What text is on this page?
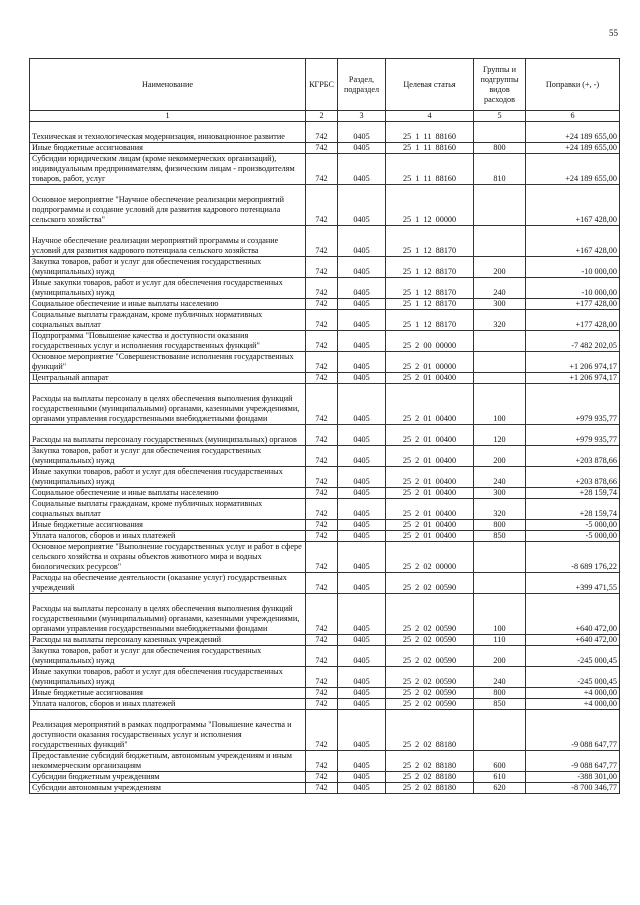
55
Наименование	КГРБС	Раздел, подраздел	Целевая статья	Группы и подгруппы видов расходов	Поправки (+, -)
1	2	3	4	5	6
Техническая и технологическая модернизация, инновационное развитие	742	0405	25  1  11  88160		+24 189 655,00
Иные бюджетные ассигнования	742	0405	25  1  11  88160	800	+24 189 655,00
Субсидии юридическим лицам (кроме некоммерческих организаций), индивидуальным предпринимателям, физическим лицам - производителям товаров, работ, услуг	742	0405	25  1  11  88160	810	+24 189 655,00
Основное мероприятие "Научное обеспечение реализации мероприятий подпрограммы и создание условий для развития кадрового потенциала сельского хозяйства"	742	0405	25  1  12  00000		+167 428,00
Научное обеспечение реализации мероприятий программы и создание условий для развития кадрового потенциала сельского хозяйства	742	0405	25  1  12  88170		+167 428,00
Закупка товаров, работ и услуг для обеспечения государственных (муниципальных) нужд	742	0405	25  1  12  88170	200	-10 000,00
Иные закупки товаров, работ и услуг для обеспечения государственных (муниципальных) нужд	742	0405	25  1  12  88170	240	-10 000,00
Социальное обеспечение и иные выплаты населению	742	0405	25  1  12  88170	300	+177 428,00
Социальные выплаты гражданам, кроме публичных нормативных социальных выплат	742	0405	25  1  12  88170	320	+177 428,00
Подпрограмма "Повышение качества и доступности оказания государственных услуг и исполнения государственных функций"	742	0405	25  2  00  00000		-7 482 202,05
Основное мероприятие "Совершенствование исполнения государственных функций"	742	0405	25  2  01  00000		+1 206 974,17
Центральный аппарат	742	0405	25  2  01  00400		+1 206 974,17
Расходы на выплаты персоналу в целях обеспечения выполнения функций государственными (муниципальными) органами, казенными учреждениями, органами управления государственными внебюджетными фондами	742	0405	25  2  01  00400	100	+979 935,77
Расходы на выплаты персоналу государственных (муниципальных) органов	742	0405	25  2  01  00400	120	+979 935,77
Закупка товаров, работ и услуг для обеспечения государственных (муниципальных) нужд	742	0405	25  2  01  00400	200	+203 878,66
Иные закупки товаров, работ и услуг для обеспечения государственных (муниципальных) нужд	742	0405	25  2  01  00400	240	+203 878,66
Социальное обеспечение и иные выплаты населению	742	0405	25  2  01  00400	300	+28 159,74
Социальные выплаты гражданам, кроме публичных нормативных социальных выплат	742	0405	25  2  01  00400	320	+28 159,74
Иные бюджетные ассигнования	742	0405	25  2  01  00400	800	-5 000,00
Уплата налогов, сборов и иных платежей	742	0405	25  2  01  00400	850	-5 000,00
Основное мероприятие "Выполнение государственных услуг и работ в сфере сельского хозяйства и охраны объектов животного мира и водных биологических ресурсов"	742	0405	25  2  02  00000		-8 689 176,22
Расходы на обеспечение деятельности (оказание услуг) государственных учреждений	742	0405	25  2  02  00590		+399 471,55
Расходы на выплаты персоналу в целях обеспечения выполнения функций государственными (муниципальными) органами, казенными учреждениями, органами управления государственными внебюджетными фондами	742	0405	25  2  02  00590	100	+640 472,00
Расходы на выплаты персоналу казенных учреждений	742	0405	25  2  02  00590	110	+640 472,00
Закупка товаров, работ и услуг для обеспечения государственных (муниципальных) нужд	742	0405	25  2  02  00590	200	-245 000,45
Иные закупки товаров, работ и услуг для обеспечения государственных (муниципальных) нужд	742	0405	25  2  02  00590	240	-245 000,45
Иные бюджетные ассигнования	742	0405	25  2  02  00590	800	+4 000,00
Уплата налогов, сборов и иных платежей	742	0405	25  2  02  00590	850	+4 000,00
Реализация мероприятий в рамках подпрограммы "Повышение качества и доступности оказания государственных услуг и исполнения государственных функций"	742	0405	25  2  02  88180		-9 088 647,77
Предоставление субсидий бюджетным, автономным учреждениям и иным некоммерческим организациям	742	0405	25  2  02  88180	600	-9 088 647,77
Субсидии бюджетным учреждениям	742	0405	25  2  02  88180	610	-388 301,00
Субсидии автономным учреждениям	742	0405	25  2  02  88180	620	-8 700 346,77
